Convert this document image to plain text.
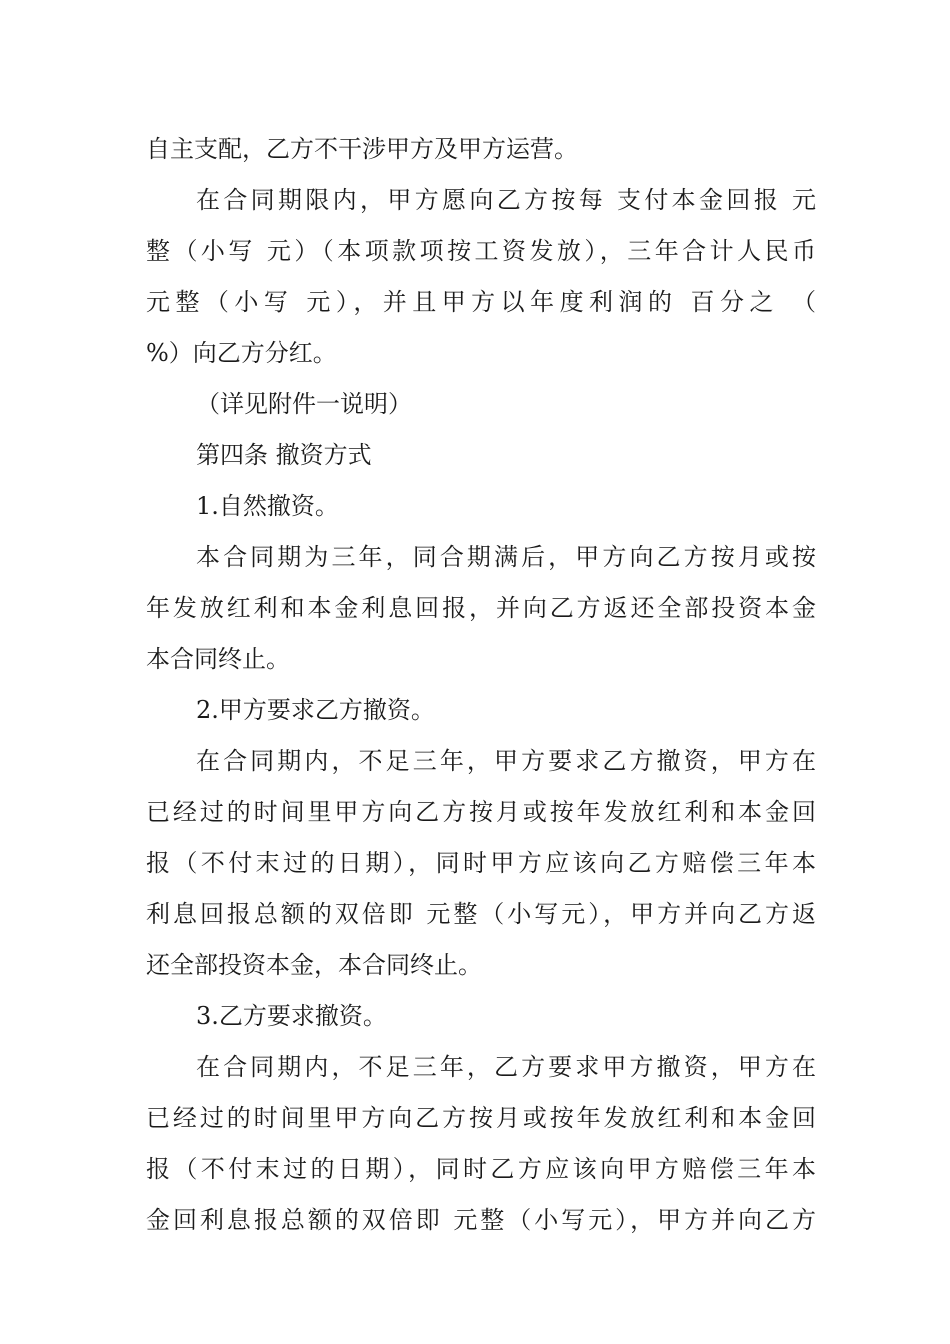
自主支配，乙方不干涉甲方及甲方运营。
在合同期限内，甲方愿向乙方按每 支付本金回报 元
整（小写 元）（本项款项按工资发放），三年合计人民币
元整（小写 元），并且甲方以年度利润的 百分之 （
%）向乙方分红。
（详见附件一说明）
第四条 撤资方式
1.自然撤资。
本合同期为三年，同合期满后，甲方向乙方按月或按
年发放红利和本金利息回报，并向乙方返还全部投资本金
本合同终止。
2.甲方要求乙方撤资。
在合同期内，不足三年，甲方要求乙方撤资，甲方在
已经过的时间里甲方向乙方按月或按年发放红利和本金回
报（不付末过的日期），同时甲方应该向乙方赔偿三年本
利息回报总额的双倍即 元整（小写元），甲方并向乙方返
还全部投资本金，本合同终止。
3.乙方要求撤资。
在合同期内，不足三年，乙方要求甲方撤资，甲方在
已经过的时间里甲方向乙方按月或按年发放红利和本金回
报（不付末过的日期），同时乙方应该向甲方赔偿三年本
金回利息报总额的双倍即 元整（小写元），甲方并向乙方
